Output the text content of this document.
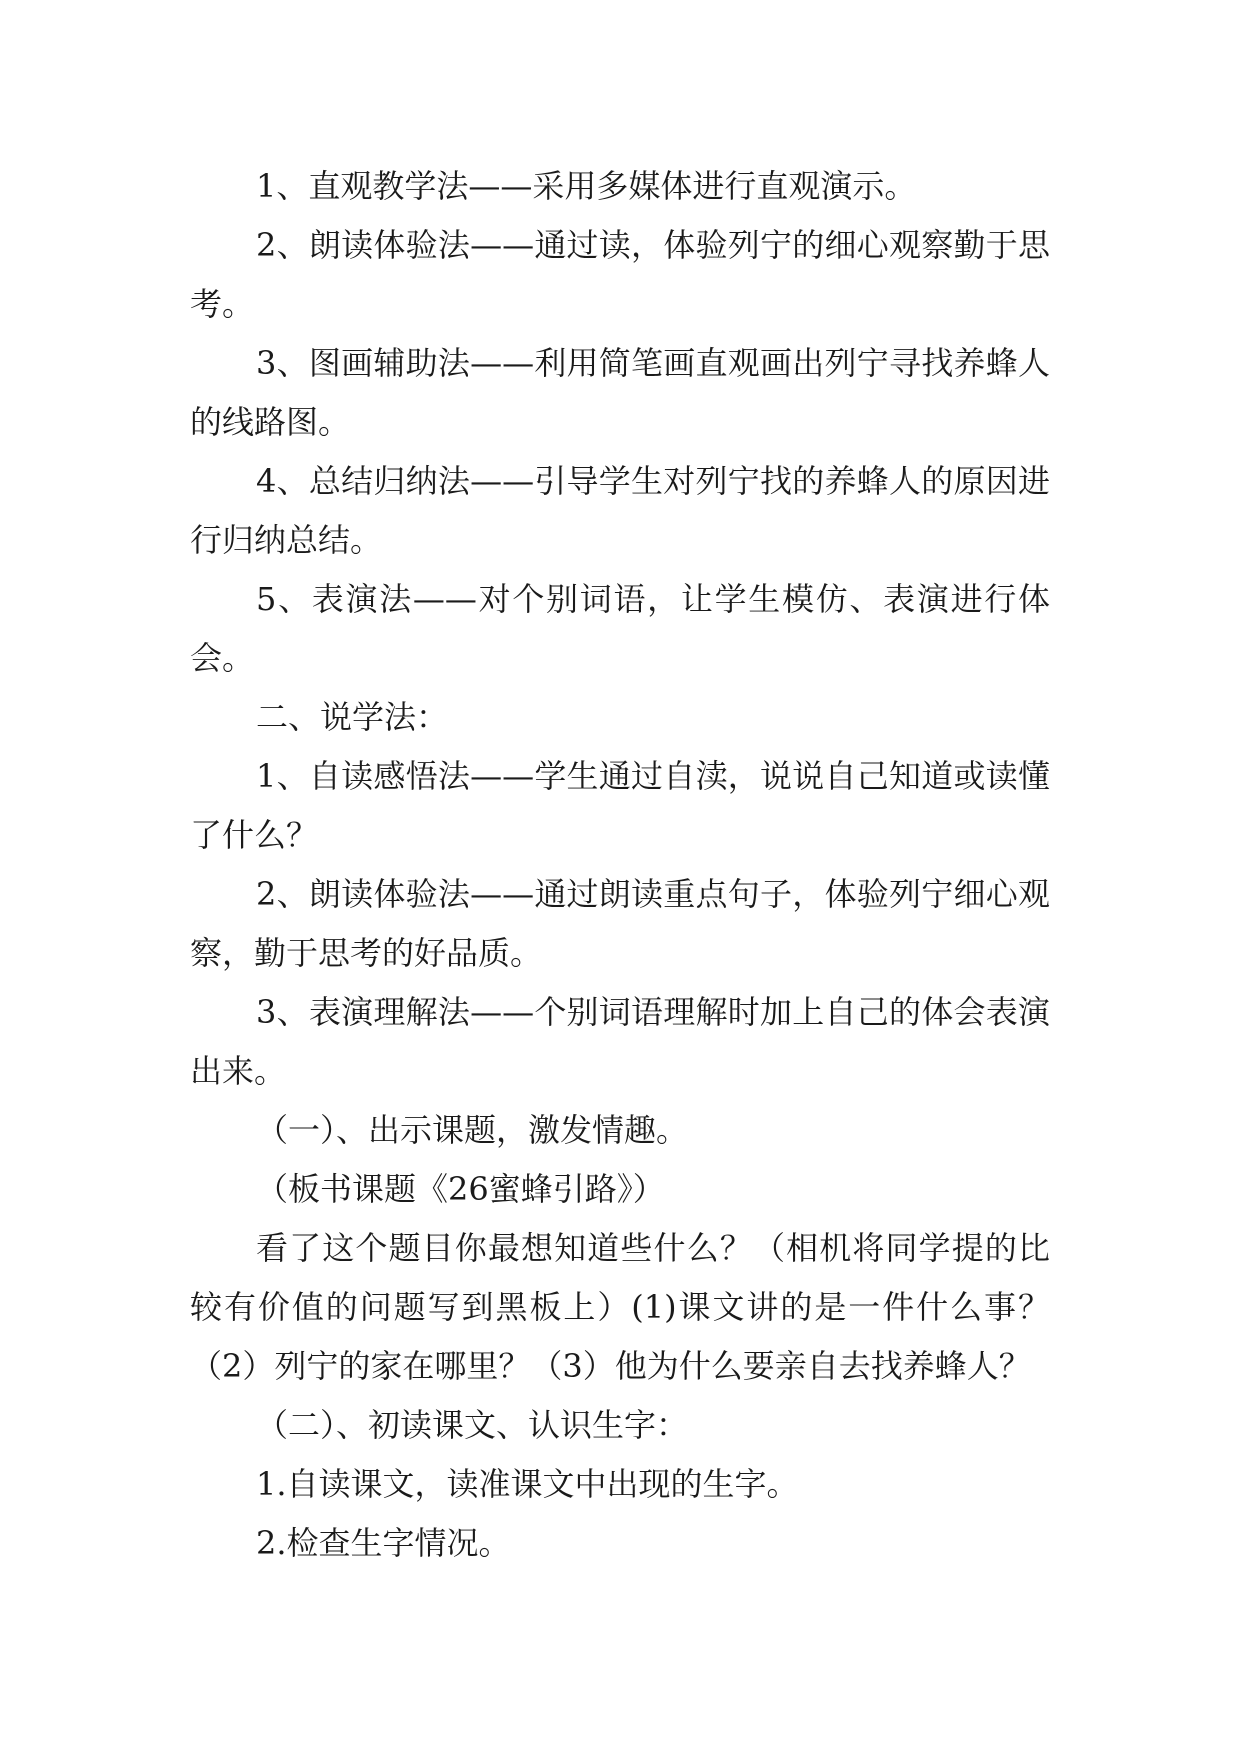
1、直观教学法——采用多媒体进行直观演示。

2、朗读体验法——通过读，体验列宁的细心观察勤于思考。

3、图画辅助法——利用简笔画直观画出列宁寻找养蜂人的线路图。

4、总结归纳法——引导学生对列宁找的养蜂人的原因进行归纳总结。

5、表演法——对个别词语，让学生模仿、表演进行体会。

二、说学法：

1、自读感悟法——学生通过自渎，说说自己知道或读懂了什么？

2、朗读体验法——通过朗读重点句子，体验列宁细心观察，勤于思考的好品质。

3、表演理解法——个别词语理解时加上自己的体会表演出来。

（一）、出示课题，激发情趣。

（板书课题《26蜜蜂引路》）

看了这个题目你最想知道些什么？（相机将同学提的比较有价值的问题写到黑板上）(1)课文讲的是一件什么事？（2）列宁的家在哪里？（3）他为什么要亲自去找养蜂人？

（二）、初读课文、认识生字：

1.自读课文，读准课文中出现的生字。

2.检查生字情况。
